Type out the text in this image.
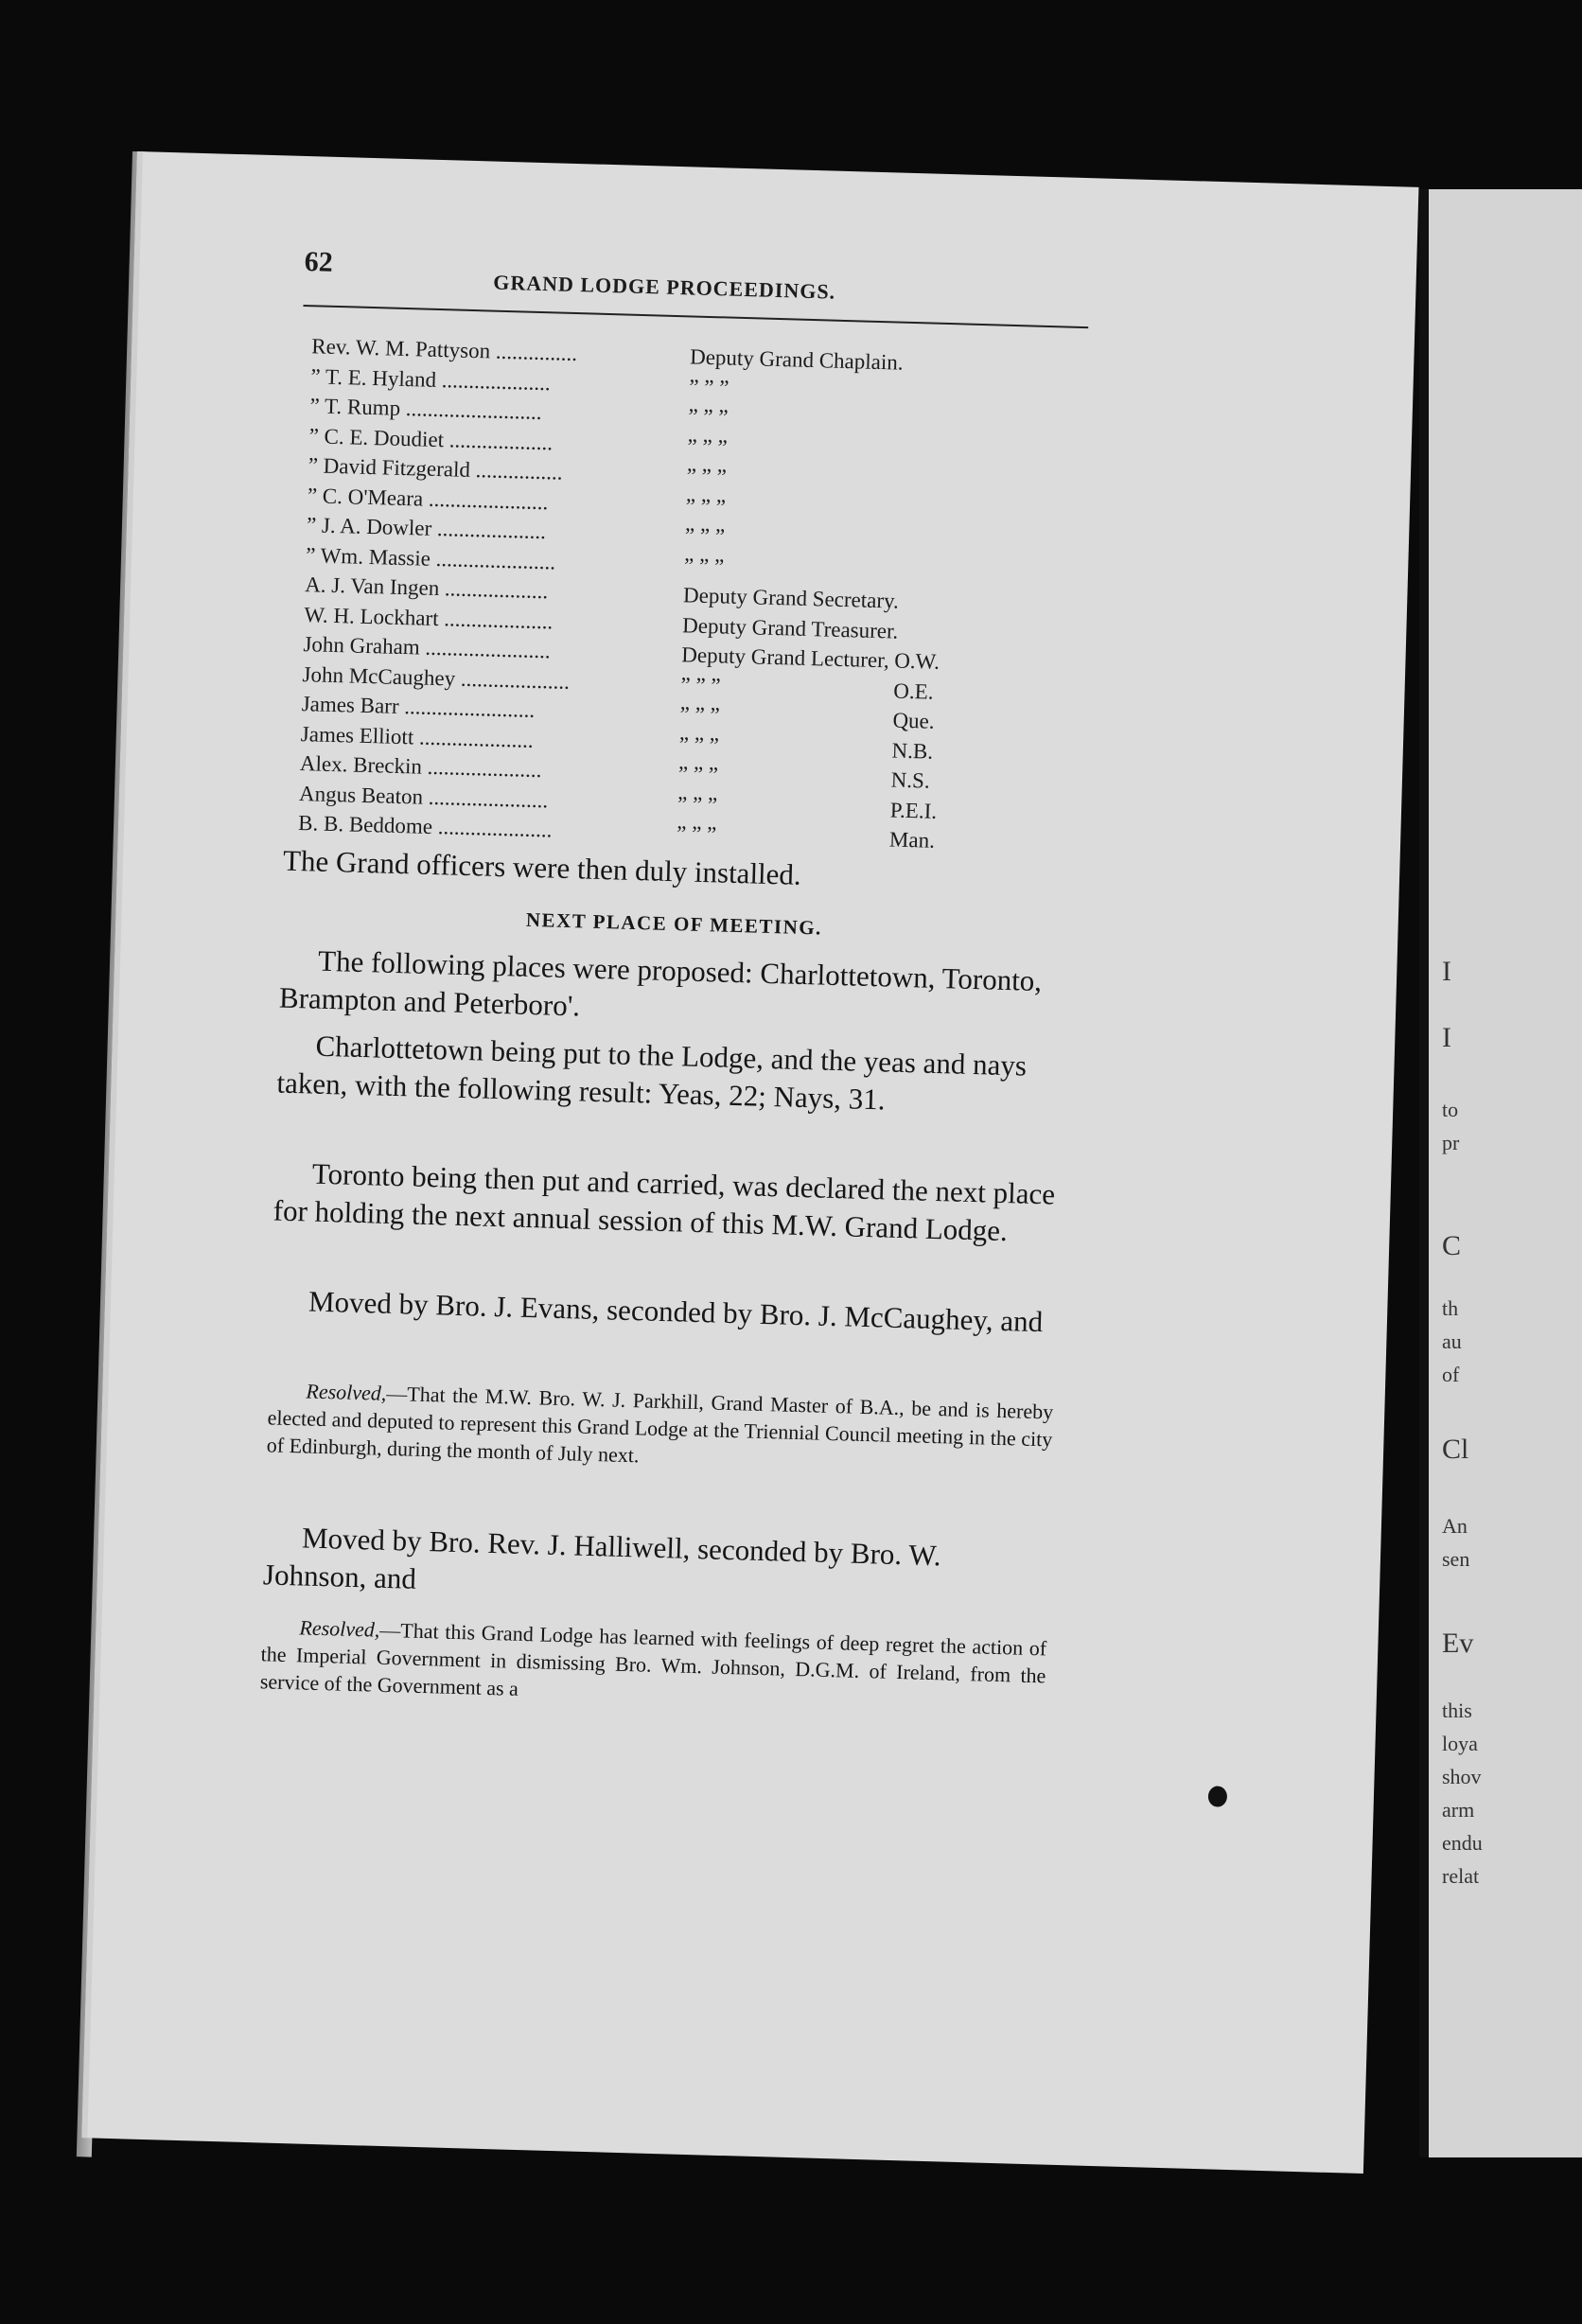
to
pr
C
th
au
of
Cl
An
sen
Ev
this
loya
shov
arm
endu
relat
I
I
62
GRAND LODGE PROCEEDINGS.
Rev. W. M. Pattyson ...............	Deputy Grand Chaplain.
” T. E. Hyland ....................	” ” ”
” T. Rump .........................	” ” ”
” C. E. Doudiet ...................	” ” ”
” David Fitzgerald ................	” ” ”
” C. O'Meara ......................	” ” ”
” J. A. Dowler ....................	” ” ”
” Wm. Massie ......................	” ” ”
A. J. Van Ingen ...................	Deputy Grand Secretary.
W. H. Lockhart ....................	Deputy Grand Treasurer.
John Graham .......................	Deputy Grand Lecturer, O.W.
John McCaughey ....................	” ” ”	O.E.
James Barr ........................	” ” ”	Que.
James Elliott .....................	” ” ”	N.B.
Alex. Breckin .....................	” ” ”	N.S.
Angus Beaton ......................	” ” ”	P.E.I.
B. B. Beddome .....................	” ” ”	Man.
The Grand officers were then duly installed.
NEXT PLACE OF MEETING.
The following places were proposed: Charlottetown, Toronto, Brampton and Peterboro'.
Charlottetown being put to the Lodge, and the yeas and nays taken, with the following result: Yeas, 22; Nays, 31.
Toronto being then put and carried, was declared the next place for holding the next annual session of this M.W. Grand Lodge.
Moved by Bro. J. Evans, seconded by Bro. J. McCaughey, and
Resolved,—That the M.W. Bro. W. J. Parkhill, Grand Master of B.A., be and is hereby elected and deputed to represent this Grand Lodge at the Triennial Council meeting in the city of Edinburgh, during the month of July next.
Moved by Bro. Rev. J. Halliwell, seconded by Bro. W. Johnson, and
Resolved,—That this Grand Lodge has learned with feelings of deep regret the action of the Imperial Government in dismissing Bro. Wm. Johnson, D.G.M. of Ireland, from the service of the Government as a
